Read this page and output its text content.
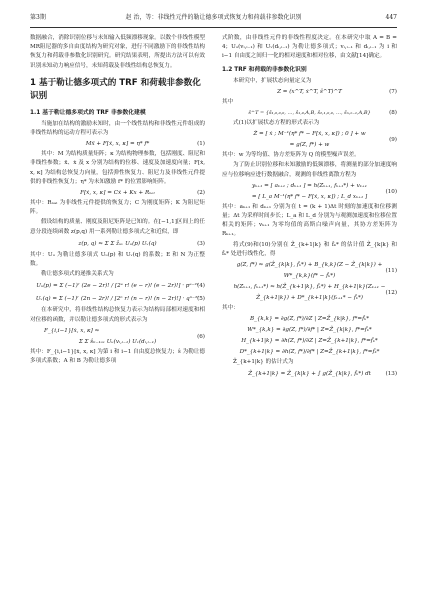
第3期	赵 治，等：非线性元件的勒让德多项式恢复力和荷载非参数化识别	447

数据融合，消除识别位移与未知输入低频漂移现象。以数个非线性模型MR阻尼器的多自由度结构为研究对象，进行不同激励下的非线性结构恢复力和荷载非参数化识别研究。研究结果表明，所提出方法可以有效识别未知动力响应信号，未知荷载及非线性结构总恢复力。

1 基于勒让德多项式的 TRF 和荷载非参数化识别
1.1 基于勒让德多项式的 TRF 非参数化建模

当施加在结构的激励未知时，由一个线性结构和非线性元件组成的非线性结构的运动方程可表示为

Mẍ + F[ẋ, x, κ] = η* f*	(1)

其中：M 为结构质量矩阵；κ 为结构物理参数，包括刚度、阻尼和非线性参数；ẍ、ẋ 及 x 分别为结构的位移、速度及加速度向量；F[ẋ, x, κ] 为结构总恢复力向量，包括弹性恢复力、阻尼力及非线性元件提供的非线性恢复力；η* 为未知激励 f* 的位置影响矩阵。

F[ẋ, x, κ] = Cẋ + Kx + Rₙₐₗ	(2)

其中：Rₙₐₗ 为非线性元件提供的恢复力；C 为刚度矩阵；K 为阻尼矩阵。

假设结构的质量、刚度及阻尼矩阵是已知的。在[−1,1]区间上的任意分段连续函数 z(p,q) 用一系列勒让德多项式之和近似，即

z(p, q) ≈ Σ Σ ẑᵤᵥ Uᵤ(p) Uᵥ(q)	(3)

其中：Uᵤ 为勒让德多项式 Uᵤ(p) 和 Uᵥ(q) 的系数；E 和 N 为正整数。

勒让德多项式的递推关系式为

Uᵤ(p) = Σ (−1)ʳ (2e − 2r)! / [2ᵉ r! (e − r)! (e − 2r)!] · pᵉ⁻²ʳ
(4)
Uᵥ(q) = Σ (−1)ʳ (2n − 2r)! / [2ⁿ r! (n − r)! (n − 2r)!] · qⁿ⁻²ʳ
(5)

在本研究中，将非线性结构总恢复力表示为结构局部相对速度和相对位移的函数，并以勒让德多项式的形式表示为

F_{i,i−1}[ẋ, x, κ] ≈
Σ Σ ŝᵢᵢ₋₁ᵤᵥ Uᵤ(vᵢ,ᵢ₋₁) Uᵥ(dᵢ,ᵢ₋₁)
(6)

其中：F_{i,i−1}[ẋ, x, κ] 为第 i 和 i−1 自由度总恢复力；ŝ 为勒让德多项式系数；A 和 B 为勒让德多项

式阶数，由非线性元件的非线性程度决定。在本研究中取 A = B = 4；Uᵤ(vᵢ,ᵢ₋₁) 和 Uᵥ(dᵢ,ᵢ₋₁) 为勒让德多项式；vᵢ,ᵢ₋₁ 和 dᵢ,ᵢ₋₁ 为 i 和 i−1 自由度之间归一化的相对速度和相对位移，由文献[14]确定。

1.2 TRF 和荷载的非参数化识别

本研究中，扩展状态向量定义为

Z = (x^T, ẋ^T, ŝ^T)^T	(7)

其中

ŝ^T = {ŝ₁,₀,₀,₀, …, ŝ₁,₀,A,B, ŝ₂,₁,₀,₀, …, ŝₙ,ₙ₋₁,A,B}	(8)

式(1)以扩展状态方程的形式表示为

Ż = [ ẋ ; M⁻¹(η* f* − F[ẋ, x, κ]) ; 0 ] + w
= g(Z, f*) + w
(9)

其中：w 为等均值、协方差矩阵为 Q 的模型噪声误差。

为了防止识别位移和未知激励的低频漂移，将测量的部分加速度响应与位移响应进行数据融合，观测的非线性离散方程为

yₖ₊₁ = [ aₖ₊₁ ; dₖ₊₁ ] = h(Zₖ₊₁, fₖ₊₁*) + vₖ₊₁
= [ L_a M⁻¹(η* f* − F[ẋ, x, κ]) ; L_d xₖ₊₁ ]
(10)

其中：aₖ₊₁ 和 dₖ₊₁ 分别为在 t = (k + 1)Δt 时刻的加速度和位移测量；Δt 为采样时间步长；L_a 和 L_d 分别为与观测加速度和位移位置相关的矩阵；vₖ₊₁ 为零均值的高斯白噪声向量，其协方差矩阵为 Rₖ₊₁。

将式(9)和(10)分别在 Ẑ_{k+1|k} 和 f̂ₖ* 的估计值 Ẑ_{k|k} 和 f̂ₖ* 处进行线性化，得

g(Z, f*) ≈ g(Ẑ_{k|k}, f̂ₖ*) + B_{k,k}(Z − Ẑ_{k|k}) +
W*_{k,k}(f* − f̂ₖ*)
(11)
h(Zₖ₊₁, fₖ₊₁*) ≈ h(Ẑ_{k+1|k}, f̂ₖ*) + H_{k+1|k}(Zₖ₊₁ −
Ẑ_{k+1|k}) + D*_{k+1|k}(fₖ₊₁* − f̂ₖ*)
(12)

其中：

B_{k,k} = ∂g(Z, f*)/∂Z | Z=Ẑ_{k|k}, f*=f̂ₖ*
W*_{k,k} = ∂g(Z, f*)/∂f* | Z=Ẑ_{k|k}, f*=f̂ₖ*
H_{k+1|k} = ∂h(Z, f*)/∂Z | Z=Ẑ_{k+1|k}, f*=f̂ₖ*
D*_{k+1|k} = ∂h(Z, f*)/∂f* | Z=Ẑ_{k+1|k}, f*=f̂ₖ*

Ẑ_{k+1|k} 的估计式为

Ẑ_{k+1|k} = Ẑ_{k|k} + ∫ g(Ẑ_{k|k}, f̂ₖ*) dt	(13)
